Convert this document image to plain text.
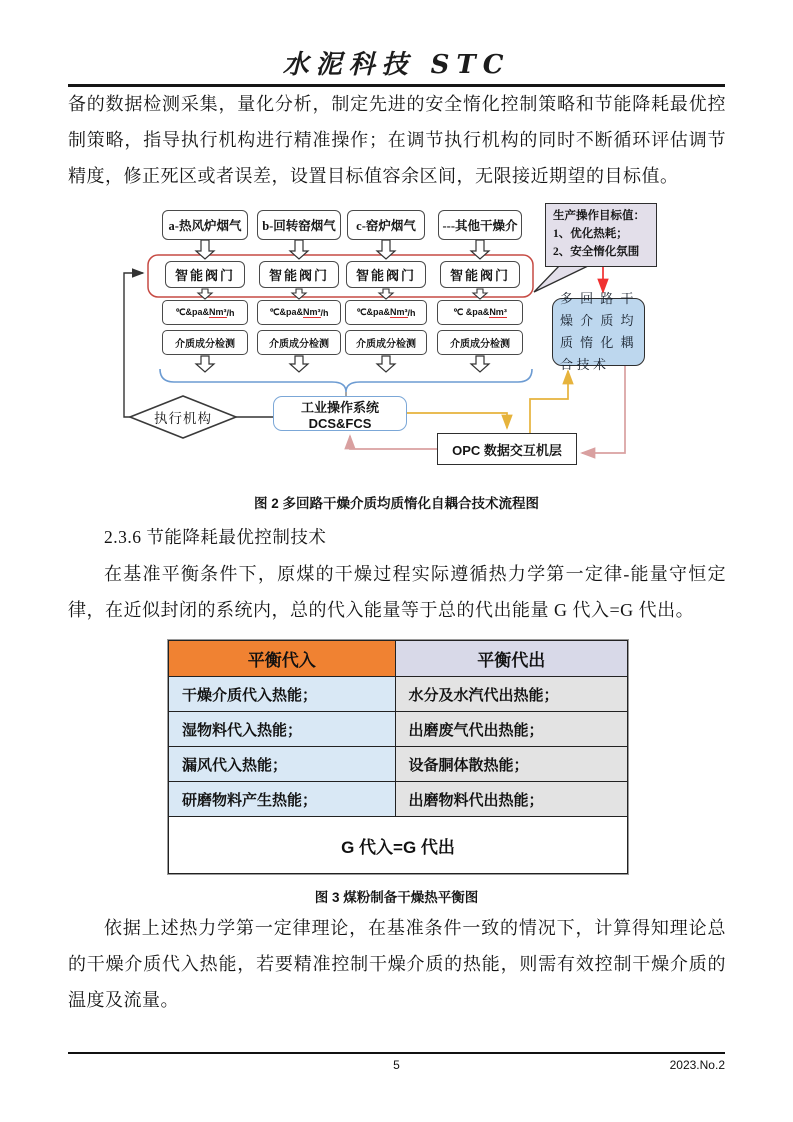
水泥科技 STC
备的数据检测采集，量化分析，制定先进的安全惰化控制策略和节能降耗最优控制策略，指导执行机构进行精准操作；在调节执行机构的同时不断循环评估调节精度，修正死区或者误差，设置目标值容余区间，无限接近期望的目标值。
a-热风炉烟气 b-回转窑烟气 c-窑炉烟气 ---其他干燥介
智能阀门	智能阀门 智能阀门	智能阀门
℃&pa& Nm³ /h	℃&pa& Nm³ /h	℃&pa& Nm³ /h	℃ &pa& Nm³
介质成分检测	介质成分检测	介质成分检测	介质成分检测
工业操作系统 DCS&FCS
执行机构
OPC 数据交互机层
生产操作目标值：
1、优化热耗；
2、安全惰化氛围
多回路干燥介质均质惰化耦合技术
图 2 多回路干燥介质均质惰化自耦合技术流程图
2.3.6 节能降耗最优控制技术
在基准平衡条件下，原煤的干燥过程实际遵循热力学第一定律-能量守恒定律，在近似封闭的系统内，总的代入能量等于总的代出能量 G 代入=G 代出。
平衡代入	平衡代出
干燥介质代入热能；	水分及水汽代出热能；
湿物料代入热能；	出磨废气代出热能；
漏风代入热能；	设备胴体散热能；
研磨物料产生热能；	出磨物料代出热能；
G 代入=G 代出	
图 3 煤粉制备干燥热平衡图
依据上述热力学第一定律理论，在基准条件一致的情况下，计算得知理论总的干燥介质代入热能，若要精准控制干燥介质的热能，则需有效控制干燥介质的温度及流量。
5	2023.No.2
